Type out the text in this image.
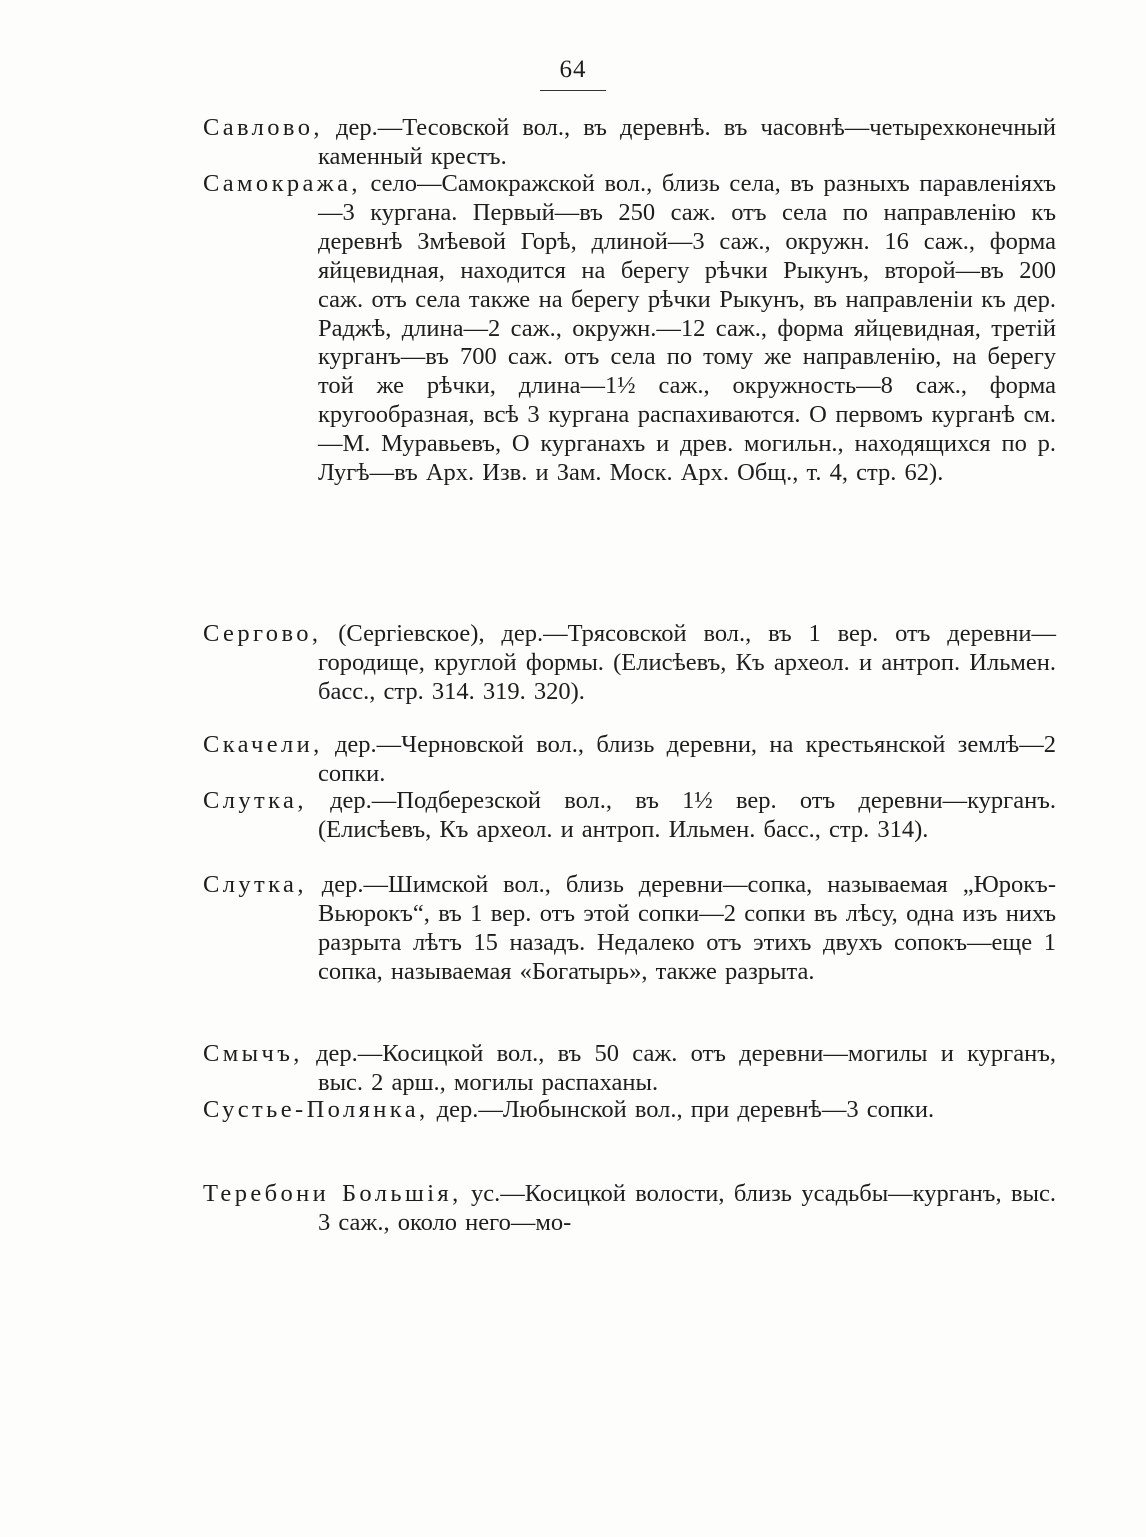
64

Савлово, дер.—Тесовской вол., въ деревнѣ. въ часовнѣ—четырехконечный каменный крестъ.

Самокража, село—Самокражской вол., близь села, въ разныхъ паравленіяхъ—3 кургана. Первый—въ 250 саж. отъ села по направленію къ деревнѣ Змѣевой Горѣ, длиной—3 саж., окружн. 16 саж., форма яйцевидная, находится на берегу рѣчки Рыкунъ, второй—въ 200 саж. отъ села также на берегу рѣчки Рыкунъ, въ направленіи къ дер. Раджѣ, длина—2 саж., окружн.—12 саж., форма яйцевидная, третій курганъ—въ 700 саж. отъ села по тому же направленію, на берегу той же рѣчки, длина—1½ саж., окружность—8 саж., форма кругообразная, всѣ 3 кургана распахиваются. О первомъ курганѣ см.—М. Муравьевъ, О курганахъ и древ. могильн., находящихся по р. Лугѣ—въ Арх. Изв. и Зам. Моск. Арх. Общ., т. 4, стр. 62).

Сергово, (Сергіевское), дер.—Трясовской вол., въ 1 вер. отъ деревни—городище, круглой формы. (Елисѣевъ, Къ археол. и антроп. Ильмен. басс., стр. 314. 319. 320).

Скачели, дер.—Черновской вол., близь деревни, на крестьянской землѣ—2 сопки.

Слутка, дер.—Подберезской вол., въ 1½ вер. отъ деревни—курганъ. (Елисѣевъ, Къ археол. и антроп. Ильмен. басс., стр. 314).

Слутка, дер.—Шимской вол., близь деревни—сопка, называемая „Юрокъ-Вьюрокъ“, въ 1 вер. отъ этой сопки—2 сопки въ лѣсу, одна изъ нихъ разрыта лѣтъ 15 назадъ. Недалеко отъ этихъ двухъ сопокъ—еще 1 сопка, называемая «Богатырь», также разрыта.

Смычъ, дер.—Косицкой вол., въ 50 саж. отъ деревни—могилы и курганъ, выс. 2 арш., могилы распаханы.

Сустье-Полянка, дер.—Любынской вол., при деревнѣ—3 сопки.

Теребони Большія, ус.—Косицкой волости, близь усадьбы—курганъ, выс. 3 саж., около него—мо-
